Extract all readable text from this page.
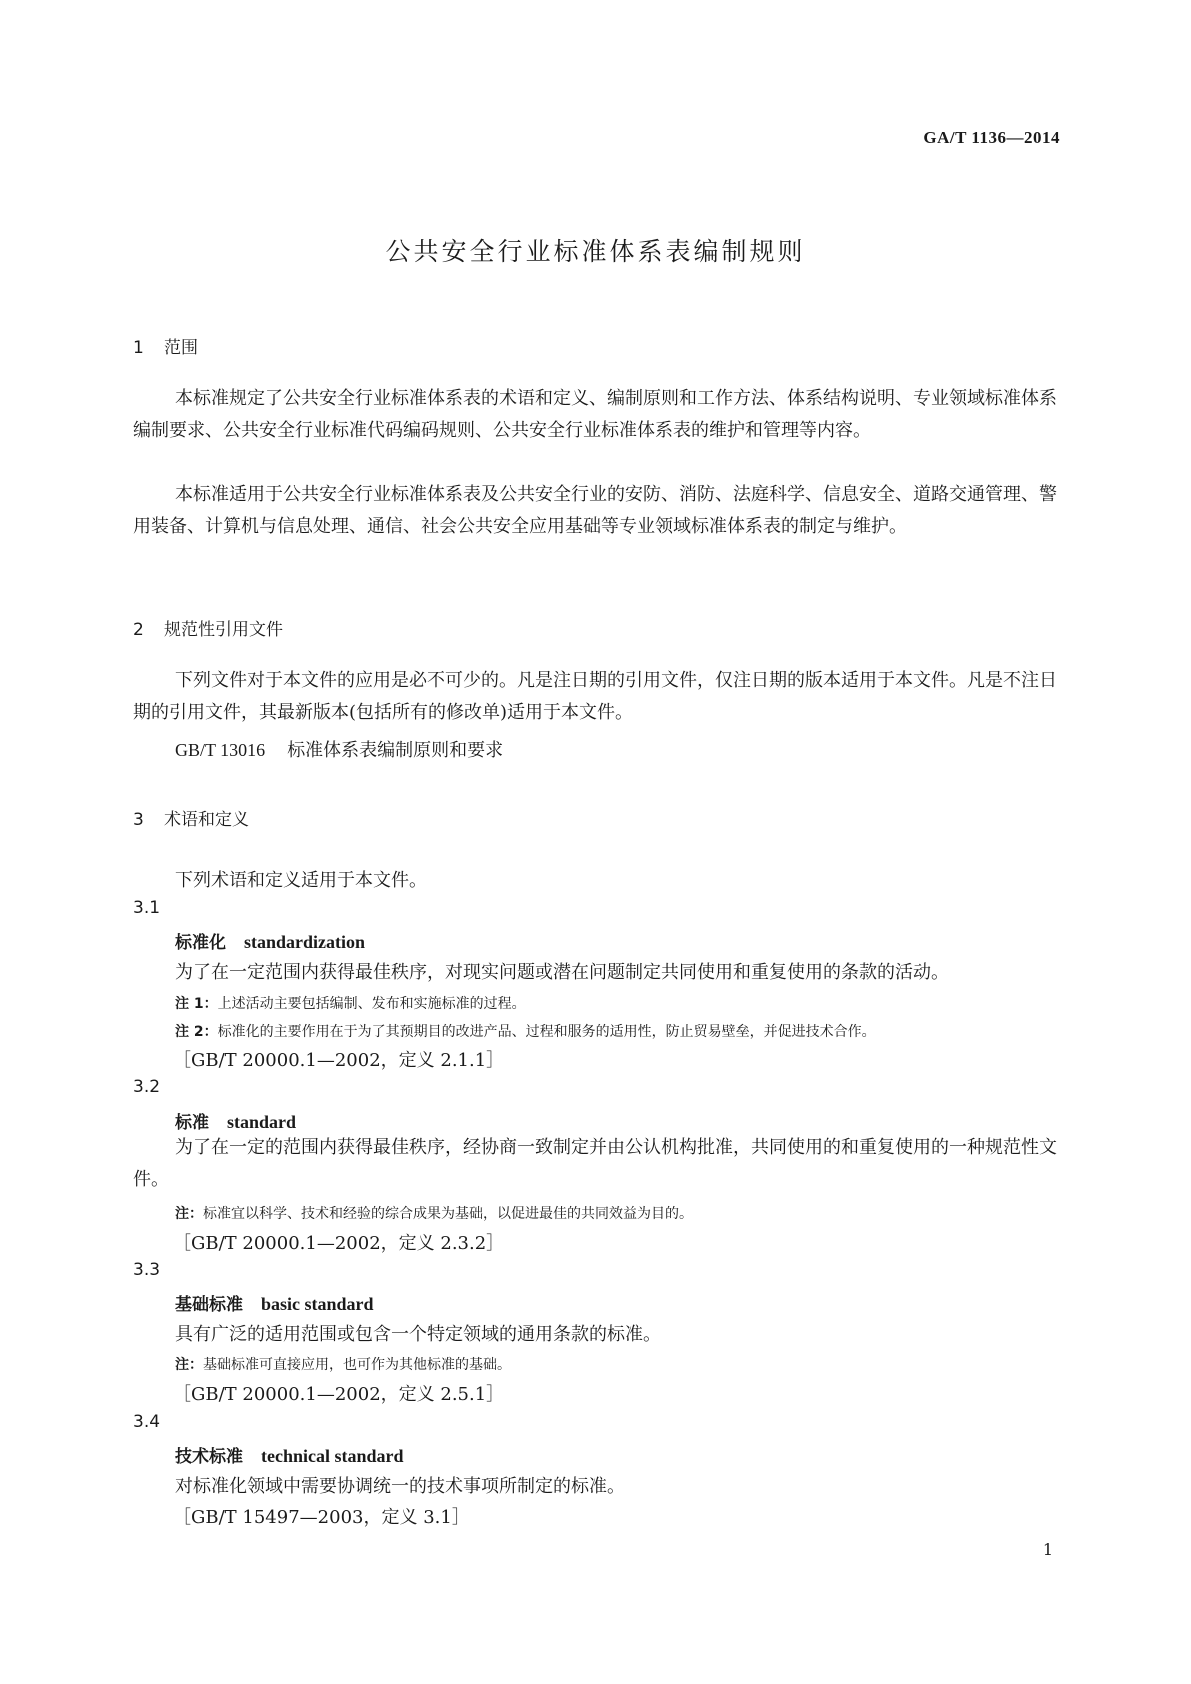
GA/T 1136—2014
公共安全行业标准体系表编制规则
1 范围
本标准规定了公共安全行业标准体系表的术语和定义、编制原则和工作方法、体系结构说明、专业领域标准体系编制要求、公共安全行业标准代码编码规则、公共安全行业标准体系表的维护和管理等内容。
本标准适用于公共安全行业标准体系表及公共安全行业的安防、消防、法庭科学、信息安全、道路交通管理、警用装备、计算机与信息处理、通信、社会公共安全应用基础等专业领域标准体系表的制定与维护。
2 规范性引用文件
下列文件对于本文件的应用是必不可少的。凡是注日期的引用文件，仅注日期的版本适用于本文件。凡是不注日期的引用文件，其最新版本(包括所有的修改单)适用于本文件。
GB/T 13016 标准体系表编制原则和要求
3 术语和定义
下列术语和定义适用于本文件。
3.1
标准化 standardization
为了在一定范围内获得最佳秩序，对现实问题或潜在问题制定共同使用和重复使用的条款的活动。
注 1：上述活动主要包括编制、发布和实施标准的过程。
注 2：标准化的主要作用在于为了其预期目的改进产品、过程和服务的适用性，防止贸易壁垒，并促进技术合作。
［GB/T 20000.1—2002，定义 2.1.1］
3.2
标准 standard
为了在一定的范围内获得最佳秩序，经协商一致制定并由公认机构批准，共同使用的和重复使用的一种规范性文件。
注：标准宜以科学、技术和经验的综合成果为基础，以促进最佳的共同效益为目的。
［GB/T 20000.1—2002，定义 2.3.2］
3.3
基础标准 basic standard
具有广泛的适用范围或包含一个特定领域的通用条款的标准。
注：基础标准可直接应用，也可作为其他标准的基础。
［GB/T 20000.1—2002，定义 2.5.1］
3.4
技术标准 technical standard
对标准化领域中需要协调统一的技术事项所制定的标准。
［GB/T 15497—2003，定义 3.1］
1
